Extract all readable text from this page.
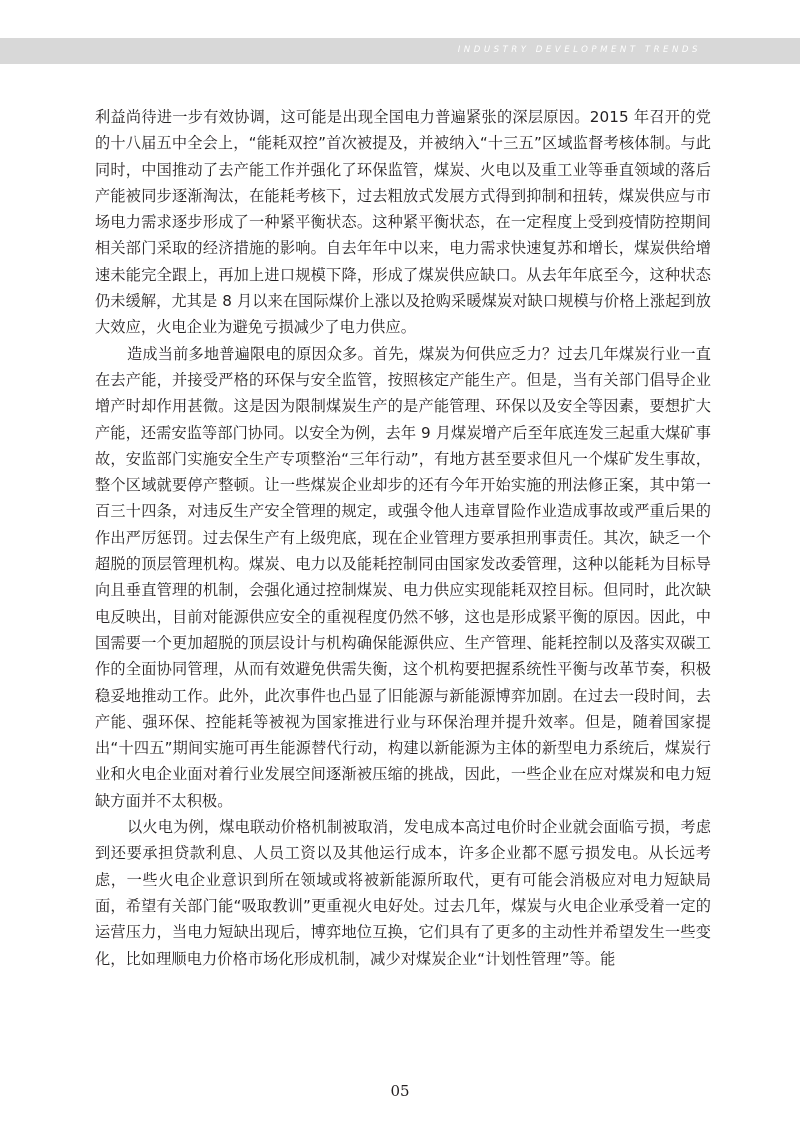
INDUSTRY DEVELOPMENT TRENDS

利益尚待进一步有效协调，这可能是出现全国电力普遍紧张的深层原因。2015 年召开的党的十八届五中全会上，“能耗双控”首次被提及，并被纳入“十三五”区域监督考核体制。与此同时，中国推动了去产能工作并强化了环保监管，煤炭、火电以及重工业等垂直领域的落后产能被同步逐渐淘汰，在能耗考核下，过去粗放式发展方式得到抑制和扭转，煤炭供应与市场电力需求逐步形成了一种紧平衡状态。这种紧平衡状态，在一定程度上受到疫情防控期间相关部门采取的经济措施的影响。自去年年中以来，电力需求快速复苏和增长，煤炭供给增速未能完全跟上，再加上进口规模下降，形成了煤炭供应缺口。从去年年底至今，这种状态仍未缓解，尤其是 8 月以来在国际煤价上涨以及抢购采暖煤炭对缺口规模与价格上涨起到放大效应，火电企业为避免亏损减少了电力供应。

造成当前多地普遍限电的原因众多。首先，煤炭为何供应乏力？过去几年煤炭行业一直在去产能，并接受严格的环保与安全监管，按照核定产能生产。但是，当有关部门倡导企业增产时却作用甚微。这是因为限制煤炭生产的是产能管理、环保以及安全等因素，要想扩大产能，还需安监等部门协同。以安全为例，去年 9 月煤炭增产后至年底连发三起重大煤矿事故，安监部门实施安全生产专项整治“三年行动”，有地方甚至要求但凡一个煤矿发生事故，整个区域就要停产整顿。让一些煤炭企业却步的还有今年开始实施的刑法修正案，其中第一百三十四条，对违反生产安全管理的规定，或强令他人违章冒险作业造成事故或严重后果的作出严厉惩罚。过去保生产有上级兜底，现在企业管理方要承担刑事责任。其次，缺乏一个超脱的顶层管理机构。煤炭、电力以及能耗控制同由国家发改委管理，这种以能耗为目标导向且垂直管理的机制，会强化通过控制煤炭、电力供应实现能耗双控目标。但同时，此次缺电反映出，目前对能源供应安全的重视程度仍然不够，这也是形成紧平衡的原因。因此，中国需要一个更加超脱的顶层设计与机构确保能源供应、生产管理、能耗控制以及落实双碳工作的全面协同管理，从而有效避免供需失衡，这个机构要把握系统性平衡与改革节奏，积极稳妥地推动工作。此外，此次事件也凸显了旧能源与新能源博弈加剧。在过去一段时间，去产能、强环保、控能耗等被视为国家推进行业与环保治理并提升效率。但是，随着国家提出“十四五”期间实施可再生能源替代行动，构建以新能源为主体的新型电力系统后，煤炭行业和火电企业面对着行业发展空间逐渐被压缩的挑战，因此，一些企业在应对煤炭和电力短缺方面并不太积极。

以火电为例，煤电联动价格机制被取消，发电成本高过电价时企业就会面临亏损，考虑到还要承担贷款利息、人员工资以及其他运行成本，许多企业都不愿亏损发电。从长远考虑，一些火电企业意识到所在领域或将被新能源所取代，更有可能会消极应对电力短缺局面，希望有关部门能“吸取教训”更重视火电好处。过去几年，煤炭与火电企业承受着一定的运营压力，当电力短缺出现后，博弈地位互换，它们具有了更多的主动性并希望发生一些变化，比如理顺电力价格市场化形成机制，减少对煤炭企业“计划性管理”等。能

05
